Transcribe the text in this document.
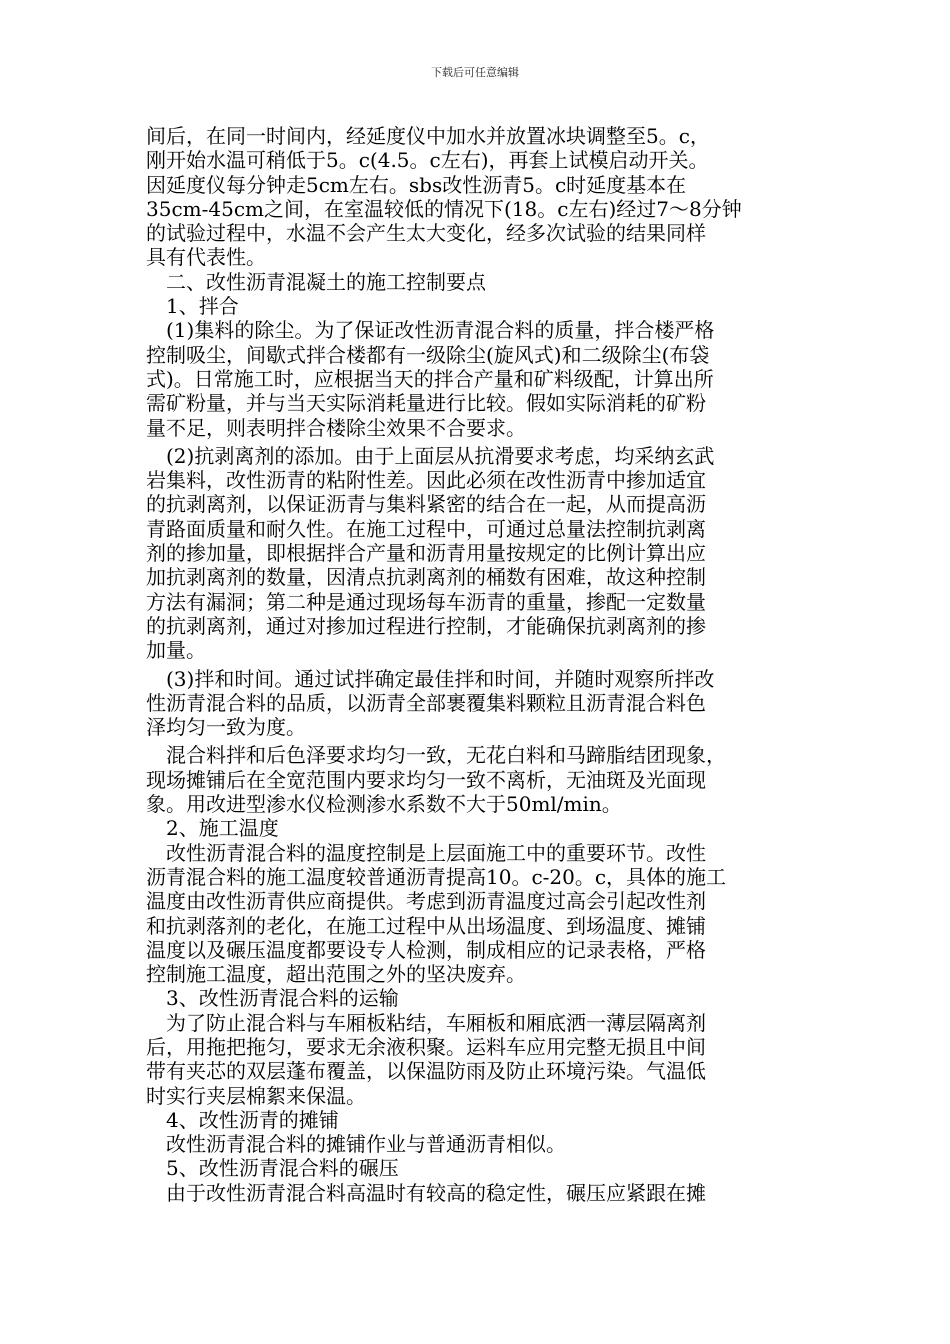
下载后可任意编辑
间后，在同一时间内，经延度仪中加水并放置冰块调整至5。c，
刚开始水温可稍低于5。c(4.5。c左右)，再套上试模启动开关。
因延度仪每分钟走5cm左右。sbs改性沥青5。c时延度基本在
35cm-45cm之间，在室温较低的情况下(18。c左右)经过7～8分钟
的试验过程中，水温不会产生太大变化，经多次试验的结果同样
具有代表性。
二、改性沥青混凝土的施工控制要点
1、拌合
(1)集料的除尘。为了保证改性沥青混合料的质量，拌合楼严格
控制吸尘，间歇式拌合楼都有一级除尘(旋风式)和二级除尘(布袋
式)。日常施工时，应根据当天的拌合产量和矿料级配，计算出所
需矿粉量，并与当天实际消耗量进行比较。假如实际消耗的矿粉
量不足，则表明拌合楼除尘效果不合要求。
(2)抗剥离剂的添加。由于上面层从抗滑要求考虑，均采纳玄武
岩集料，改性沥青的粘附性差。因此必须在改性沥青中掺加适宜
的抗剥离剂，以保证沥青与集料紧密的结合在一起，从而提高沥
青路面质量和耐久性。在施工过程中，可通过总量法控制抗剥离
剂的掺加量，即根据拌合产量和沥青用量按规定的比例计算出应
加抗剥离剂的数量，因清点抗剥离剂的桶数有困难，故这种控制
方法有漏洞；第二种是通过现场每车沥青的重量，掺配一定数量
的抗剥离剂，通过对掺加过程进行控制，才能确保抗剥离剂的掺
加量。
(3)拌和时间。通过试拌确定最佳拌和时间，并随时观察所拌改
性沥青混合料的品质，以沥青全部裹覆集料颗粒且沥青混合料色
泽均匀一致为度。
混合料拌和后色泽要求均匀一致，无花白料和马蹄脂结团现象，
现场摊铺后在全宽范围内要求均匀一致不离析，无油斑及光面现
象。用改进型渗水仪检测渗水系数不大于50ml/min。
2、施工温度
改性沥青混合料的温度控制是上层面施工中的重要环节。改性
沥青混合料的施工温度较普通沥青提高10。c-20。c，具体的施工
温度由改性沥青供应商提供。考虑到沥青温度过高会引起改性剂
和抗剥落剂的老化，在施工过程中从出场温度、到场温度、摊铺
温度以及碾压温度都要设专人检测，制成相应的记录表格，严格
控制施工温度，超出范围之外的坚决废弃。
3、改性沥青混合料的运输
为了防止混合料与车厢板粘结，车厢板和厢底洒一薄层隔离剂
后，用拖把拖匀，要求无余液积聚。运料车应用完整无损且中间
带有夹芯的双层蓬布覆盖，以保温防雨及防止环境污染。气温低
时实行夹层棉絮来保温。
4、改性沥青的摊铺
改性沥青混合料的摊铺作业与普通沥青相似。
5、改性沥青混合料的碾压
由于改性沥青混合料高温时有较高的稳定性，碾压应紧跟在摊
